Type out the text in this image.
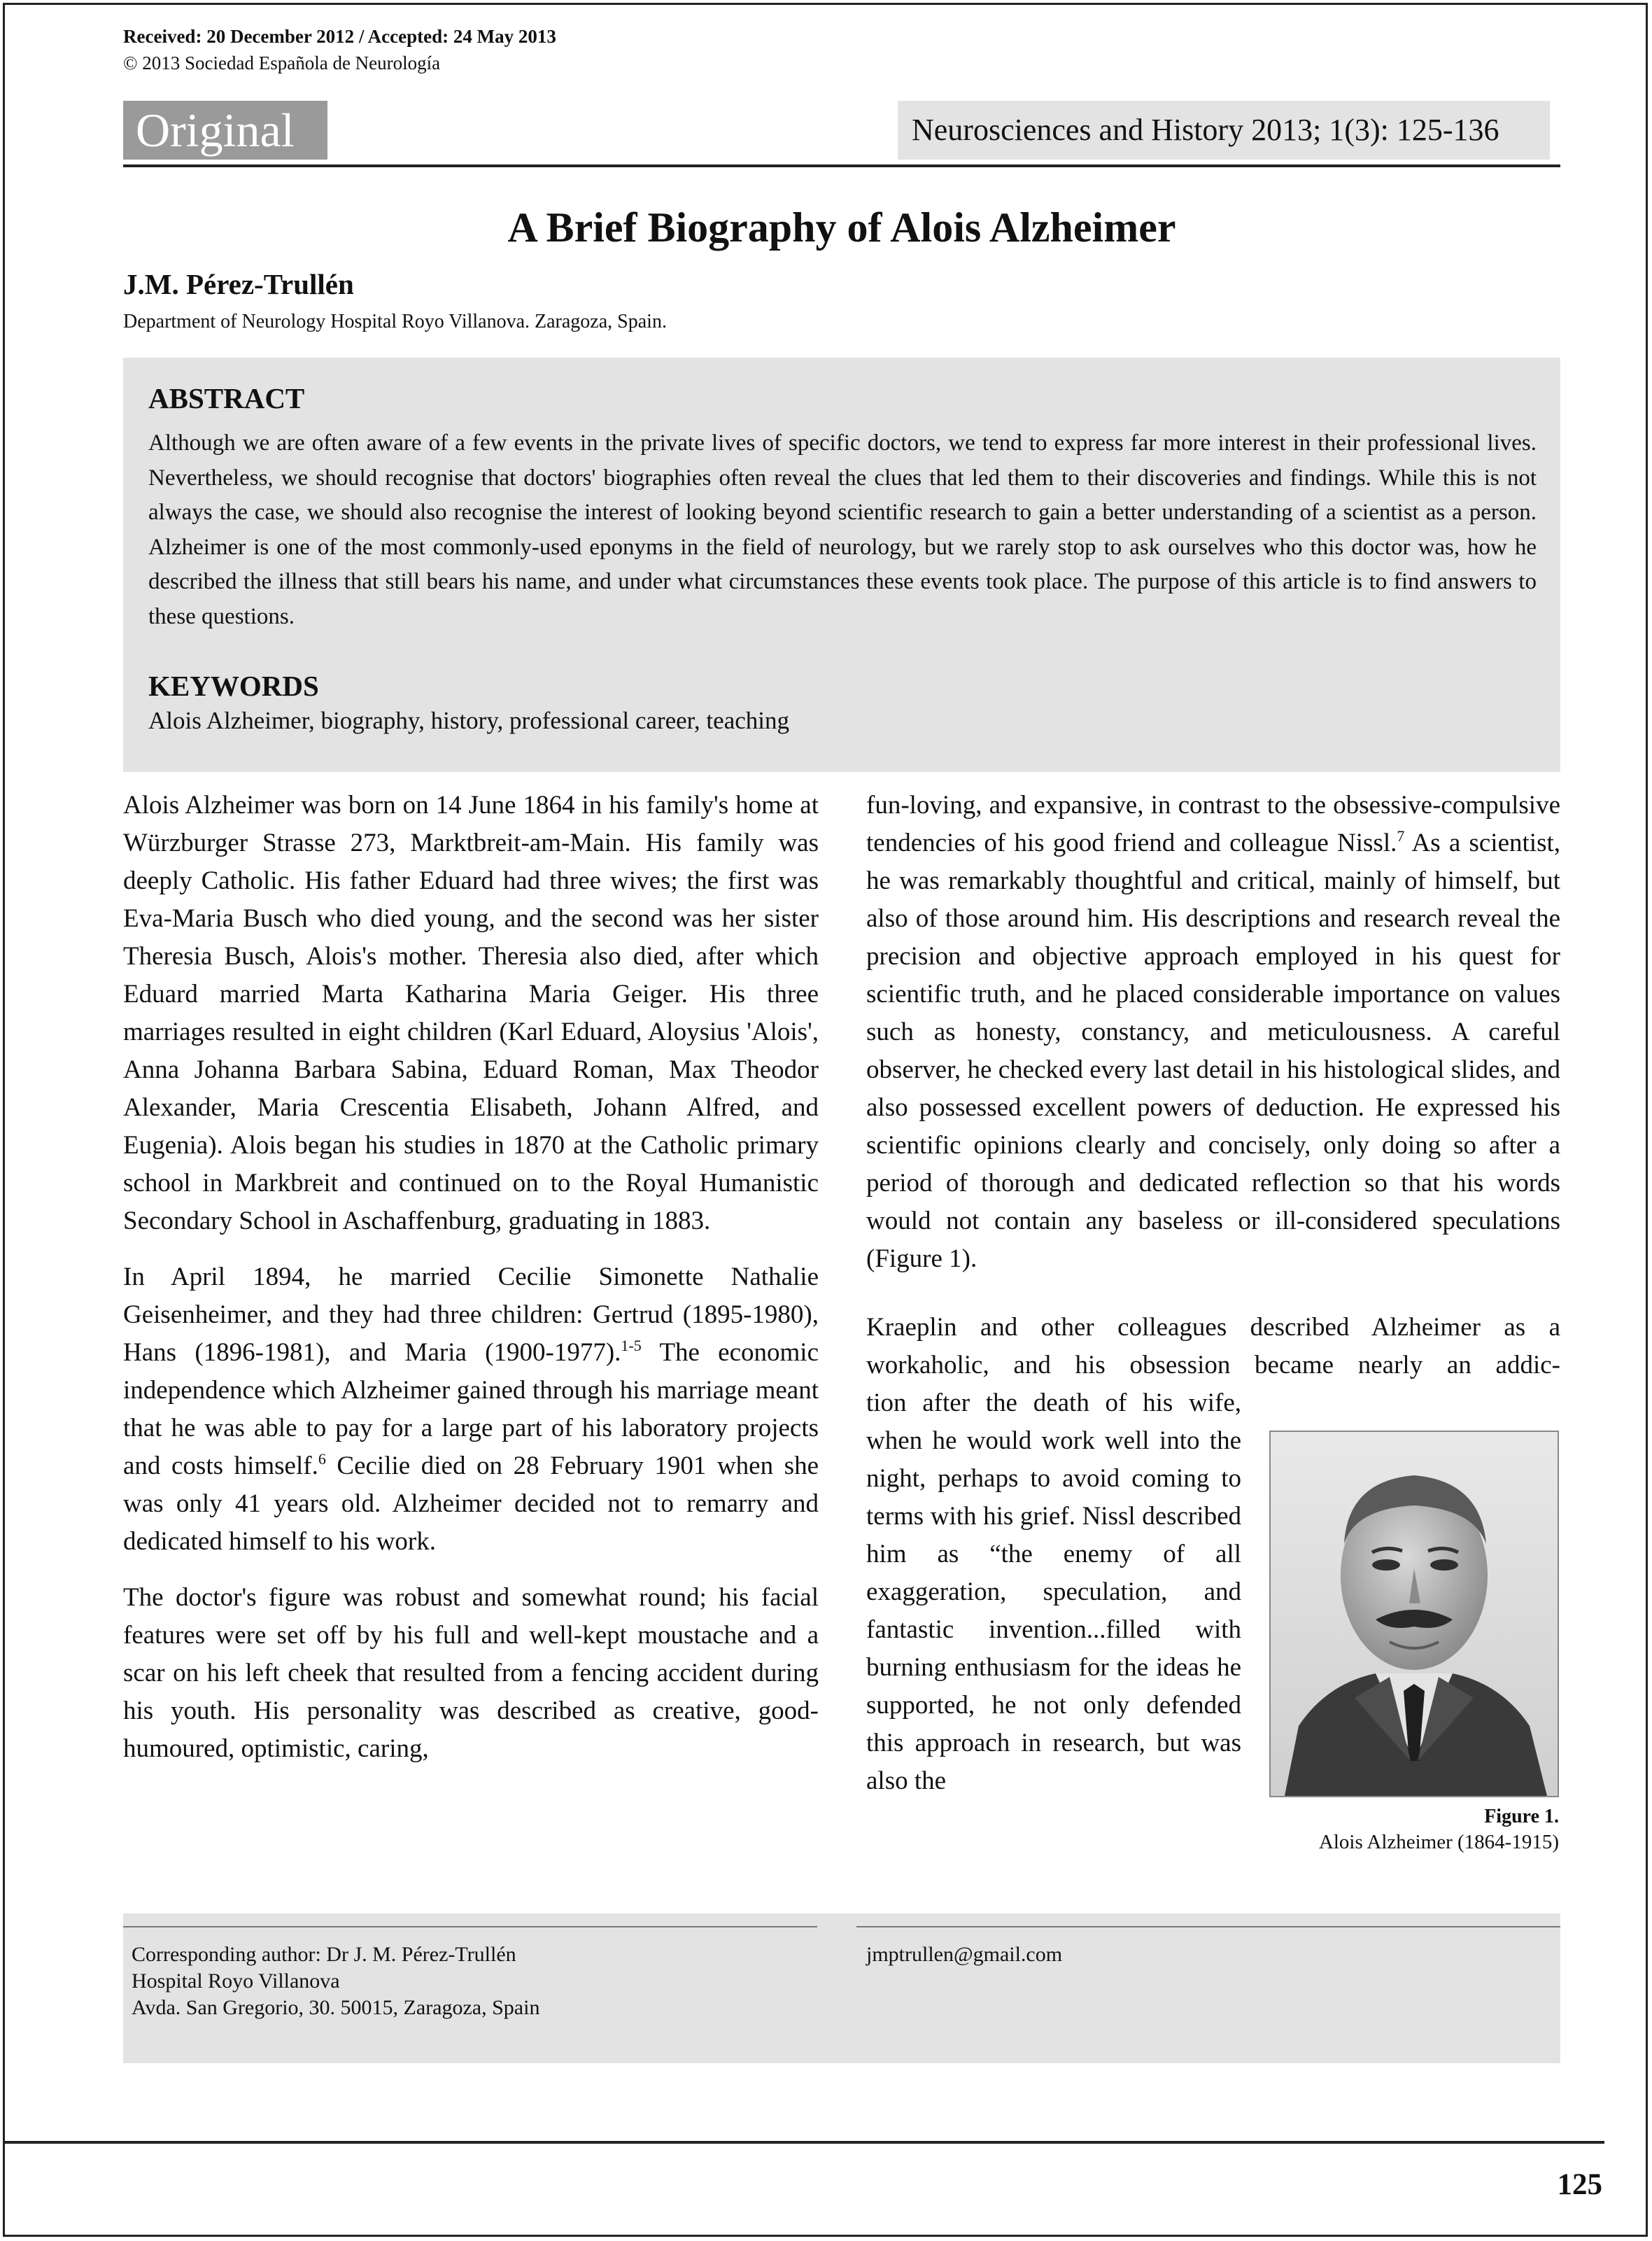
Received: 20 December 2012 / Accepted: 24 May 2013
© 2013 Sociedad Española de Neurología
Original	Neurosciences and History 2013; 1(3): 125-136
A Brief Biography of Alois Alzheimer
J.M. Pérez-Trullén
Department of Neurology Hospital Royo Villanova. Zaragoza, Spain.
ABSTRACT

Although we are often aware of a few events in the private lives of specific doctors, we tend to express far more interest in their professional lives. Nevertheless, we should recognise that doctors' biographies often reveal the clues that led them to their discoveries and findings. While this is not always the case, we should also recognise the interest of looking beyond scientific research to gain a better understanding of a scientist as a person. Alzheimer is one of the most commonly-used eponyms in the field of neurology, but we rarely stop to ask ourselves who this doctor was, how he described the illness that still bears his name, and under what circumstances these events took place. The purpose of this article is to find answers to these questions.

KEYWORDS

Alois Alzheimer, biography, history, professional career, teaching

Alois Alzheimer was born on 14 June 1864 in his family's home at Würzburger Strasse 273, Marktbreit-am-Main. His family was deeply Catholic. His father Eduard had three wives; the first was Eva-Maria Busch who died young, and the second was her sister Theresia Busch, Alois's mother. Theresia also died, after which Eduard married Marta Katharina Maria Geiger. His three marriages resulted in eight children (Karl Eduard, Aloysius 'Alois', Anna Johanna Barbara Sabina, Eduard Roman, Max Theodor Alexander, Maria Crescentia Elisabeth, Johann Alfred, and Eugenia). Alois began his studies in 1870 at the Catholic primary school in Markbreit and continued on to the Royal Humanistic Secondary School in Aschaffenburg, graduating in 1883.

In April 1894, he married Cecilie Simonette Nathalie Geisenheimer, and they had three children: Gertrud (1895-1980), Hans (1896-1981), and Maria (1900-1977).$^{1-5}$ The economic independence which Alzheimer gained through his marriage meant that he was able to pay for a large part of his laboratory projects and costs himself.$^6$ Cecilie died on 28 February 1901 when she was only 41 years old. Alzheimer decided not to remarry and dedicated himself to his work.

The doctor's figure was robust and somewhat round; his facial features were set off by his full and well-kept moustache and a scar on his left cheek that resulted from a fencing accident during his youth. His personality was described as creative, good-humoured, optimistic, caring,

fun-loving, and expansive, in contrast to the obsessive-compulsive tendencies of his good friend and colleague Nissl.$^7$ As a scientist, he was remarkably thoughtful and critical, mainly of himself, but also of those around him. His descriptions and research reveal the precision and objective approach employed in his quest for scientific truth, and he placed considerable importance on values such as honesty, constancy, and meticulousness. A careful observer, he checked every last detail in his histological slides, and also possessed excellent powers of deduction. He expressed his scientific opinions clearly and concisely, only doing so after a period of thorough and dedicated reflection so that his words would not contain any baseless or ill-considered speculations (Figure 1).

Kraeplin and other colleagues described Alzheimer as a
workaholic, and his obsession became nearly an addic-
tion after the death of his wife, when he would work well into the night, perhaps to avoid coming to terms with his grief. Nissl described him as “the enemy of all exaggeration, speculation, and fantastic invention...filled with burning enthusiasm for the ideas he supported, he not only defended this approach in research, but was also the

Figure 1.
Alois Alzheimer (1864-1915)
Corresponding author: Dr J. M. Pérez-Trullén
Hospital Royo Villanova
Avda. San Gregorio, 30. 50015, Zaragoza, Spain
jmptrullen@gmail.com
125
